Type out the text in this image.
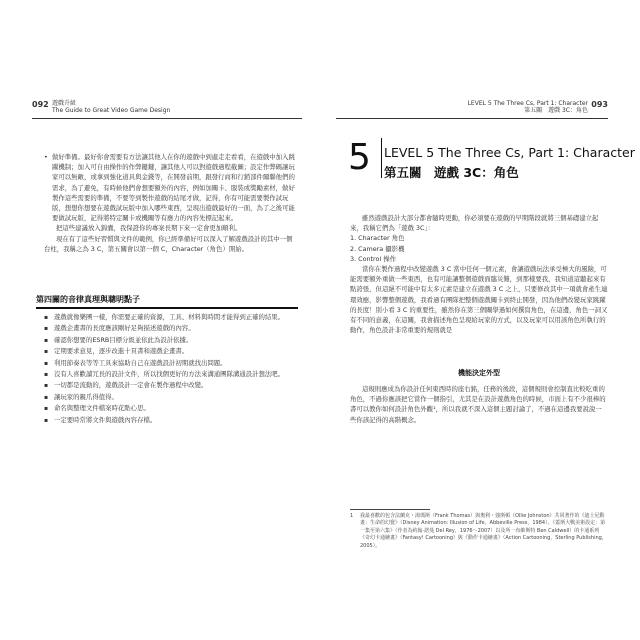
092 遊戲升級
The Guide to Great Video Game Design
093
LEVEL 5 The Three Cs, Part 1: Character
第五關　遊戲 3C：角色
• 做好準備。最好你會需要有方法讓其他人在你的遊戲中到處走走看看，在遊戲中加入跳躍機制；加入可自由操作的作弊鍵鍵，讓其他人可以對遊戲過程截圖；設定作弊碼讓玩家可以無敵，或拿到強化道具與金錢等，在開發前期，跟發行商和行銷部件爾聯他們的需求，為了避免，有時候他們會想要額外的內容，例如加關卡、服裝或獎勵素材，做好製作這些需要的準備，不要等到製作遊戲的結尾才做，記得，你有可能需要製作試玩版，想想你想要在遊戲試玩版中加入哪些東西，呈現出遊戲最好的一面，為了之後可能要做試玩版，記得將特定關卡或機關等有應力的內容先標記起來。

把這些建議放入錦囊，我保證你的專案長期下來一定會更加順利。

現在有了這些好習慣與文件的範例，你已經準備好可以深入了解遊戲設計的其中一個台柱，我稱之為 3 C，第五關會以第一個 C，Character（角色）開始。

第四關的音律真理與聰明點子
▪ 遊戲就像樂團一樣，你需要正確的資源，工具、材料與時間才能得到正確的結果。
▪ 遊戲企畫書的長度應該剛好足夠描述遊戲的內容。
▪ 確認你想要的ESRB目標分級並依此為設計依據。
▪ 定期要求意見，逐步改進十頁書和遊戲企畫書。
▪ 利用節奏表等等工具來協助自己在遊戲設計初期就找出問題。
▪ 沒有人喜歡讀冗長的設計文件，所以找個更好的方法來溝通團隊溝通設計想法吧。
▪ 一切都是流動的，遊戲設計一定會在製作過程中改變。
▪ 讓玩家的親爪得值得。
▪ 命名與整理文件檔案時花點心思。
▪ 一定要時常將文件與遊戲內容存檔。
5	LEVEL 5 The Three Cs, Part 1: Character
第五關　遊戲 3C：角色

雖然遊戲設計大部分都會隨時更動，你必須要在遊戲的早期階段就將三個基礎建立起來，我稱它們為「遊戲 3C」：

1. Character 角色
2. Camera 攝影機
3. Control 操作

當你在製作過程中改變遊戲 3 C 當中任何一個元素，會讓遊戲玩法承受極大的風險，可能需要額外重做一些東西，也有可能讓整個遊戲面臨災難，到那樣要我，我知道這聽起來有點誇張，但這絕不可能中有太多元素是建立在遊戲 3 C 之上，只要修改其中一項就會產生連環效應，影響整個遊戲，我看過有團隊把整個遊戲關卡到終止開發，因為他們改變玩家跳躍的長度！別小看 3 C 的重要性，雖然你在第三個關學過如何撰寫角色，在這邊，角色一詞又有不同的意義，在這關，我會描述角色呈現給玩家的方式，以及玩家可以用該角色所執行的動作，角色設計非常重要的規則就是

機能決定外型

這規則應成為你設計任何東西時的座右銘，任務的後段，這個規則會控制直比較吃重的角色，不過你應該把它當作一個指引，尤其是在設計遊戲角色的時候，市面上有不少很棒的書可以教你如何設計角色外觀¹，所以我就不深入這個主題討論了，不過在這邊我要說說一些你該記得的高階概念。

1	我最喜歡的包含法蘭克・湯瑪斯（Frank Thomas）與奧利・強斯頓（Ollie Johnston）共同著作的《迪士尼動畫：生命的幻覺》（Disney Animation: Illusion of Life，Abbeville Press，1984）、《蓋斯大戰美術設定：第一集至第六集》（作者為約翰·諾曼 Del Rey，1976～2007）以及所一布維斯特 Ben Caldwell）的卡通系列《奇幻卡通繪畫》（Fantasy! Cartooning）與《動作卡通繪畫》（Action Cartooning，Sterling Publishing，2005）。
